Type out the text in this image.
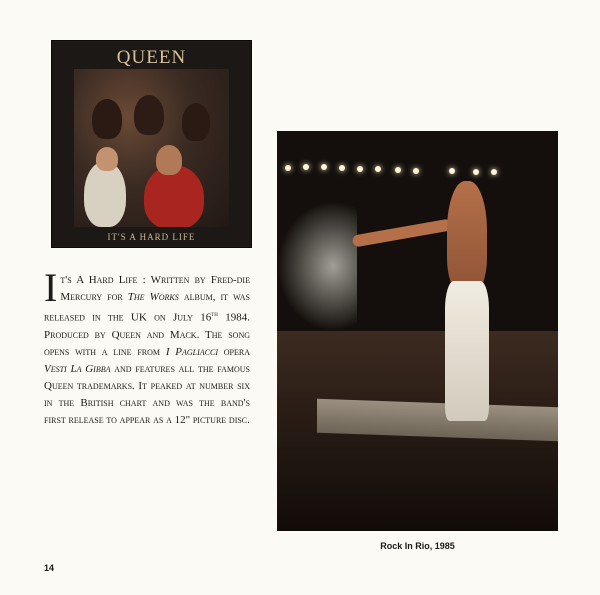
QUEEN
IT'S A HARD LIFE
It's A Hard Life : Written by Fred-die Mercury for The Works album, it was released in the UK on July 16th 1984. Produced by Queen and Mack. The song opens with a line from I Pagliacci opera Vesti La Gibba and features all the famous Queen trademarks. It peaked at number six in the British chart and was the band's first release to appear as a 12" picture disc.
Rock In Rio, 1985
14
